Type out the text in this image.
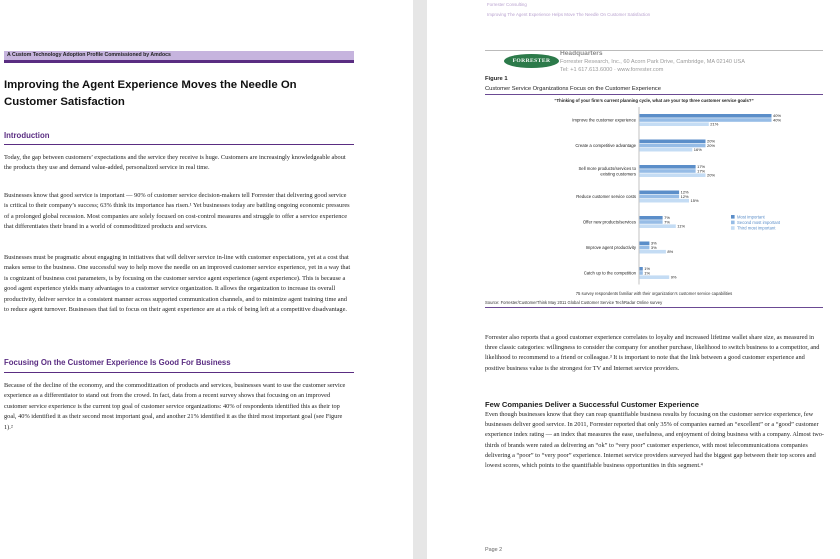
A Custom Technology Adoption Profile Commissioned by Amdocs
Improving the Agent Experience Moves the Needle On Customer Satisfaction
Introduction

Today, the gap between customers’ expectations and the service they receive is huge. Customers are increasingly knowledgeable about the products they use and demand value-added, personalized service in real time.

Businesses know that good service is important — 90% of customer service decision-makers tell Forrester that delivering good service is critical to their company’s success; 63% think its importance has risen.¹ Yet businesses today are battling ongoing economic pressures of a prolonged global recession. Most companies are solely focused on cost-control measures and struggle to offer a service experience that differentiates their brand in a world of commoditized products and services.

Businesses must be pragmatic about engaging in initiatives that will deliver service in-line with customer expectations, yet at a cost that makes sense to the business. One successful way to help move the needle on an improved customer service experience, yet in a way that is cognizant of business cost parameters, is by focusing on the customer service agent experience (agent experience). This is because a good agent experience yields many advantages to a customer service organization. It allows the organization to increase its overall productivity, deliver service in a consistent manner across supported communication channels, and to minimize agent training time and to reduce agent turnover. Businesses that fail to focus on their agent experience are at a risk of being left at a competitive disadvantage.

Focusing On the Customer Experience Is Good For Business

Because of the decline of the economy, and the commoditization of products and services, businesses want to use the customer service experience as a differentiator to stand out from the crowd. In fact, data from a recent survey shows that focusing on an improved customer service experience is the current top goal of customer service organizations: 40% of respondents identified this as their top goal, 40% identified it as their second most important goal, and another 21% identified it as the third most important goal (see Figure 1).²

Forrester Consulting
Improving The Agent Experience Helps Move The Needle On Customer Satisfaction
FORRESTER
Headquarters
Forrester Research, Inc., 60 Acorn Park Drive, Cambridge, MA 02140 USA
Tel: +1 617.613.6000 · www.forrester.com
Figure 1
Customer Service Organizations Focus on the Customer Experience
“Thinking of your firm’s current planning cycle, what are your top three customer service goals?”
Improve the customer experience
40%
40%
21%
Create a competitive advantage
20%
20%
16%
Sell more products/services to
existing customers
17%
17%
20%
Reduce customer service costs
12%
12%
15%
Offer new products/services
7%
7%
11%
Improve agent productivity
3%
3%
8%
Catch up to the competition
1%
1%
9%
Most important
Second most important
Third most important
75 survey respondents familiar with their organization’s customer service capabilities
Source: Forrester/CustomerThink May 2011 Global Customer Service TechRadar Online survey

Forrester also reports that a good customer experience correlates to loyalty and increased lifetime wallet share size, as measured in three classic categories: willingness to consider the company for another purchase, likelihood to switch business to a competitor, and likelihood to recommend to a friend or colleague.³ It is important to note that the link between a good customer experience and positive business value is the strongest for TV and Internet service providers.

Few Companies Deliver a Successful Customer Experience

Even though businesses know that they can reap quantifiable business results by focusing on the customer service experience, few businesses deliver good service. In 2011, Forrester reported that only 35% of companies earned an “excellent” or a “good” customer experience index rating — an index that measures the ease, usefulness, and enjoyment of doing business with a company. Almost two-thirds of brands were rated as delivering an “ok” to “very poor” customer experience, with most telecommunications companies delivering a “poor” to “very poor” experience. Internet service providers surveyed had the biggest gap between their top scores and lowest scores, which points to the quantifiable business opportunities in this segment.⁴

Page 2
